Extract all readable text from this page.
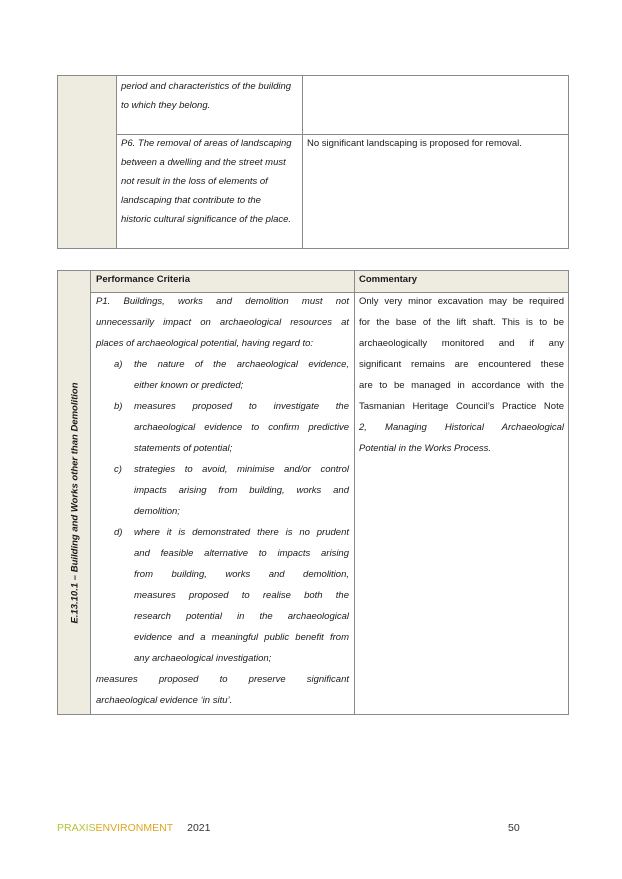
period and characteristics of the building
to which they belong.
P6. The removal of areas of landscaping
between a dwelling and the street must
not result in the loss of elements of
landscaping that contribute to the
historic cultural significance of the place.
No significant landscaping is proposed for removal.
Performance Criteria	Commentary
E.13.10.1 – Building and Works other than Demolition
P1. Buildings, works and demolition must not
unnecessarily impact on archaeological resources at
places of archaeological potential, having regard to:
a) the nature of the archaeological evidence,
either known or predicted;
b) measures proposed to investigate the
archaeological evidence to confirm predictive
statements of potential;
c) strategies to avoid, minimise and/or control
impacts arising from building, works and
demolition;
d) where it is demonstrated there is no prudent
and feasible alternative to impacts arising
from building, works and demolition,
measures proposed to realise both the
research potential in the archaeological
evidence and a meaningful public benefit from
any archaeological investigation;
measures proposed to preserve significant
archaeological evidence ‘in situ’.
Only very minor excavation may be required
for the base of the lift shaft. This is to be
archaeologically monitored and if any
significant remains are encountered these
are to be managed in accordance with the
Tasmanian Heritage Council’s Practice Note
2, Managing Historical Archaeological
Potential in the Works Process.
PRAXISENVIRONMENT 2021	50
